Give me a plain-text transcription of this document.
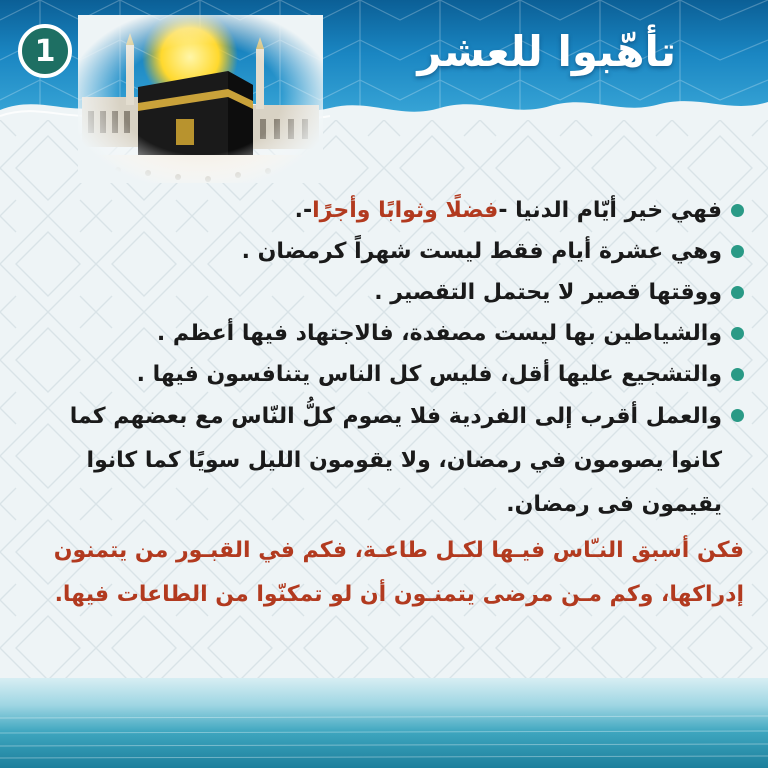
1	تأهّبوا للعشر
فهي خير أيّام الدنيا -فضلًا وثوابًا وأجرًا-.
وهي عشرة أيام فقط ليست شهراً كرمضان .
ووقتها قصير لا يحتمل التقصير .
والشياطين بها ليست مصفدة، فالاجتهاد فيها أعظم .
والتشجيع عليها أقل، فليس كل الناس يتنافسون فيها .
والعمل أقرب إلى الفردية فلا يصوم كلُّ النّاس مع بعضهم كما كانوا يصومون في رمضان، ولا يقومون الليل سويًا كما كانوا يقيمون فى رمضان.
فكن أسبق النـّاس فيـها لكـل طاعـة، فكم في القبـور من يتمنون إدراكها، وكم مـن مرضى يتمنـون أن لو تمكنّوا من الطاعات فيها.
